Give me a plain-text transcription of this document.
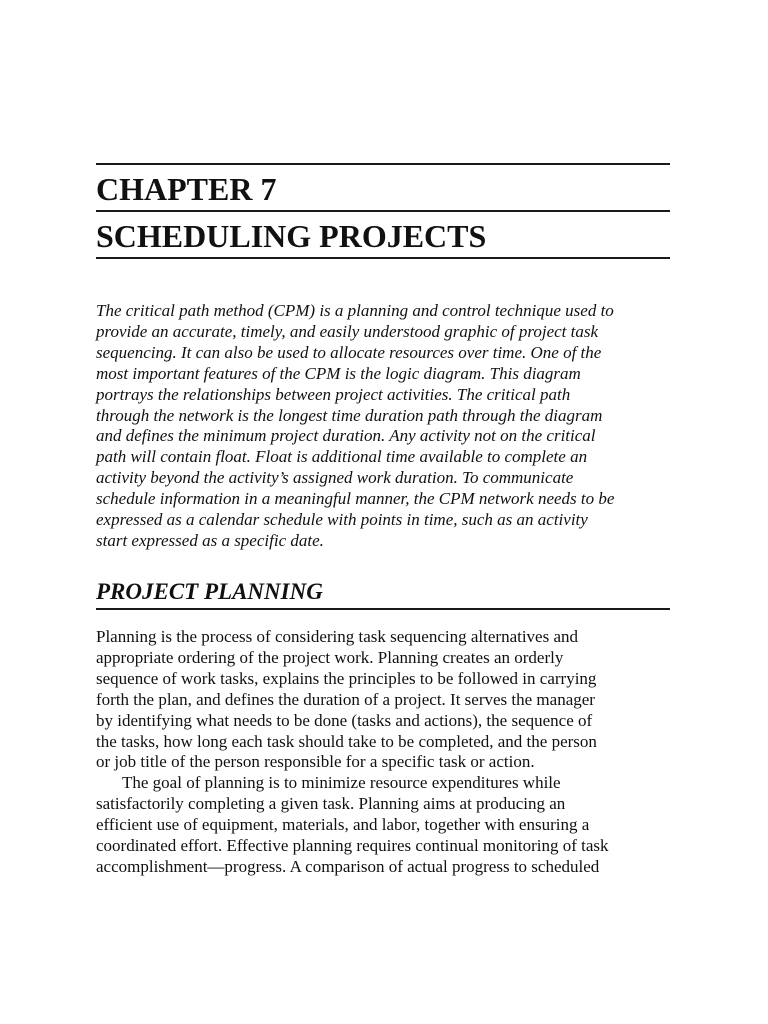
CHAPTER 7
SCHEDULING PROJECTS
The critical path method (CPM) is a planning and control technique used to
provide an accurate, timely, and easily understood graphic of project task
sequencing. It can also be used to allocate resources over time. One of the
most important features of the CPM is the logic diagram. This diagram
portrays the relationships between project activities. The critical path
through the network is the longest time duration path through the diagram
and defines the minimum project duration. Any activity not on the critical
path will contain float. Float is additional time available to complete an
activity beyond the activity’s assigned work duration. To communicate
schedule information in a meaningful manner, the CPM network needs to be
expressed as a calendar schedule with points in time, such as an activity
start expressed as a specific date.
PROJECT PLANNING
Planning is the process of considering task sequencing alternatives and
appropriate ordering of the project work. Planning creates an orderly
sequence of work tasks, explains the principles to be followed in carrying
forth the plan, and defines the duration of a project. It serves the manager
by identifying what needs to be done (tasks and actions), the sequence of
the tasks, how long each task should take to be completed, and the person
or job title of the person responsible for a specific task or action.
The goal of planning is to minimize resource expenditures while
satisfactorily completing a given task. Planning aims at producing an
efficient use of equipment, materials, and labor, together with ensuring a
coordinated effort. Effective planning requires continual monitoring of task
accomplishment—progress. A comparison of actual progress to scheduled
